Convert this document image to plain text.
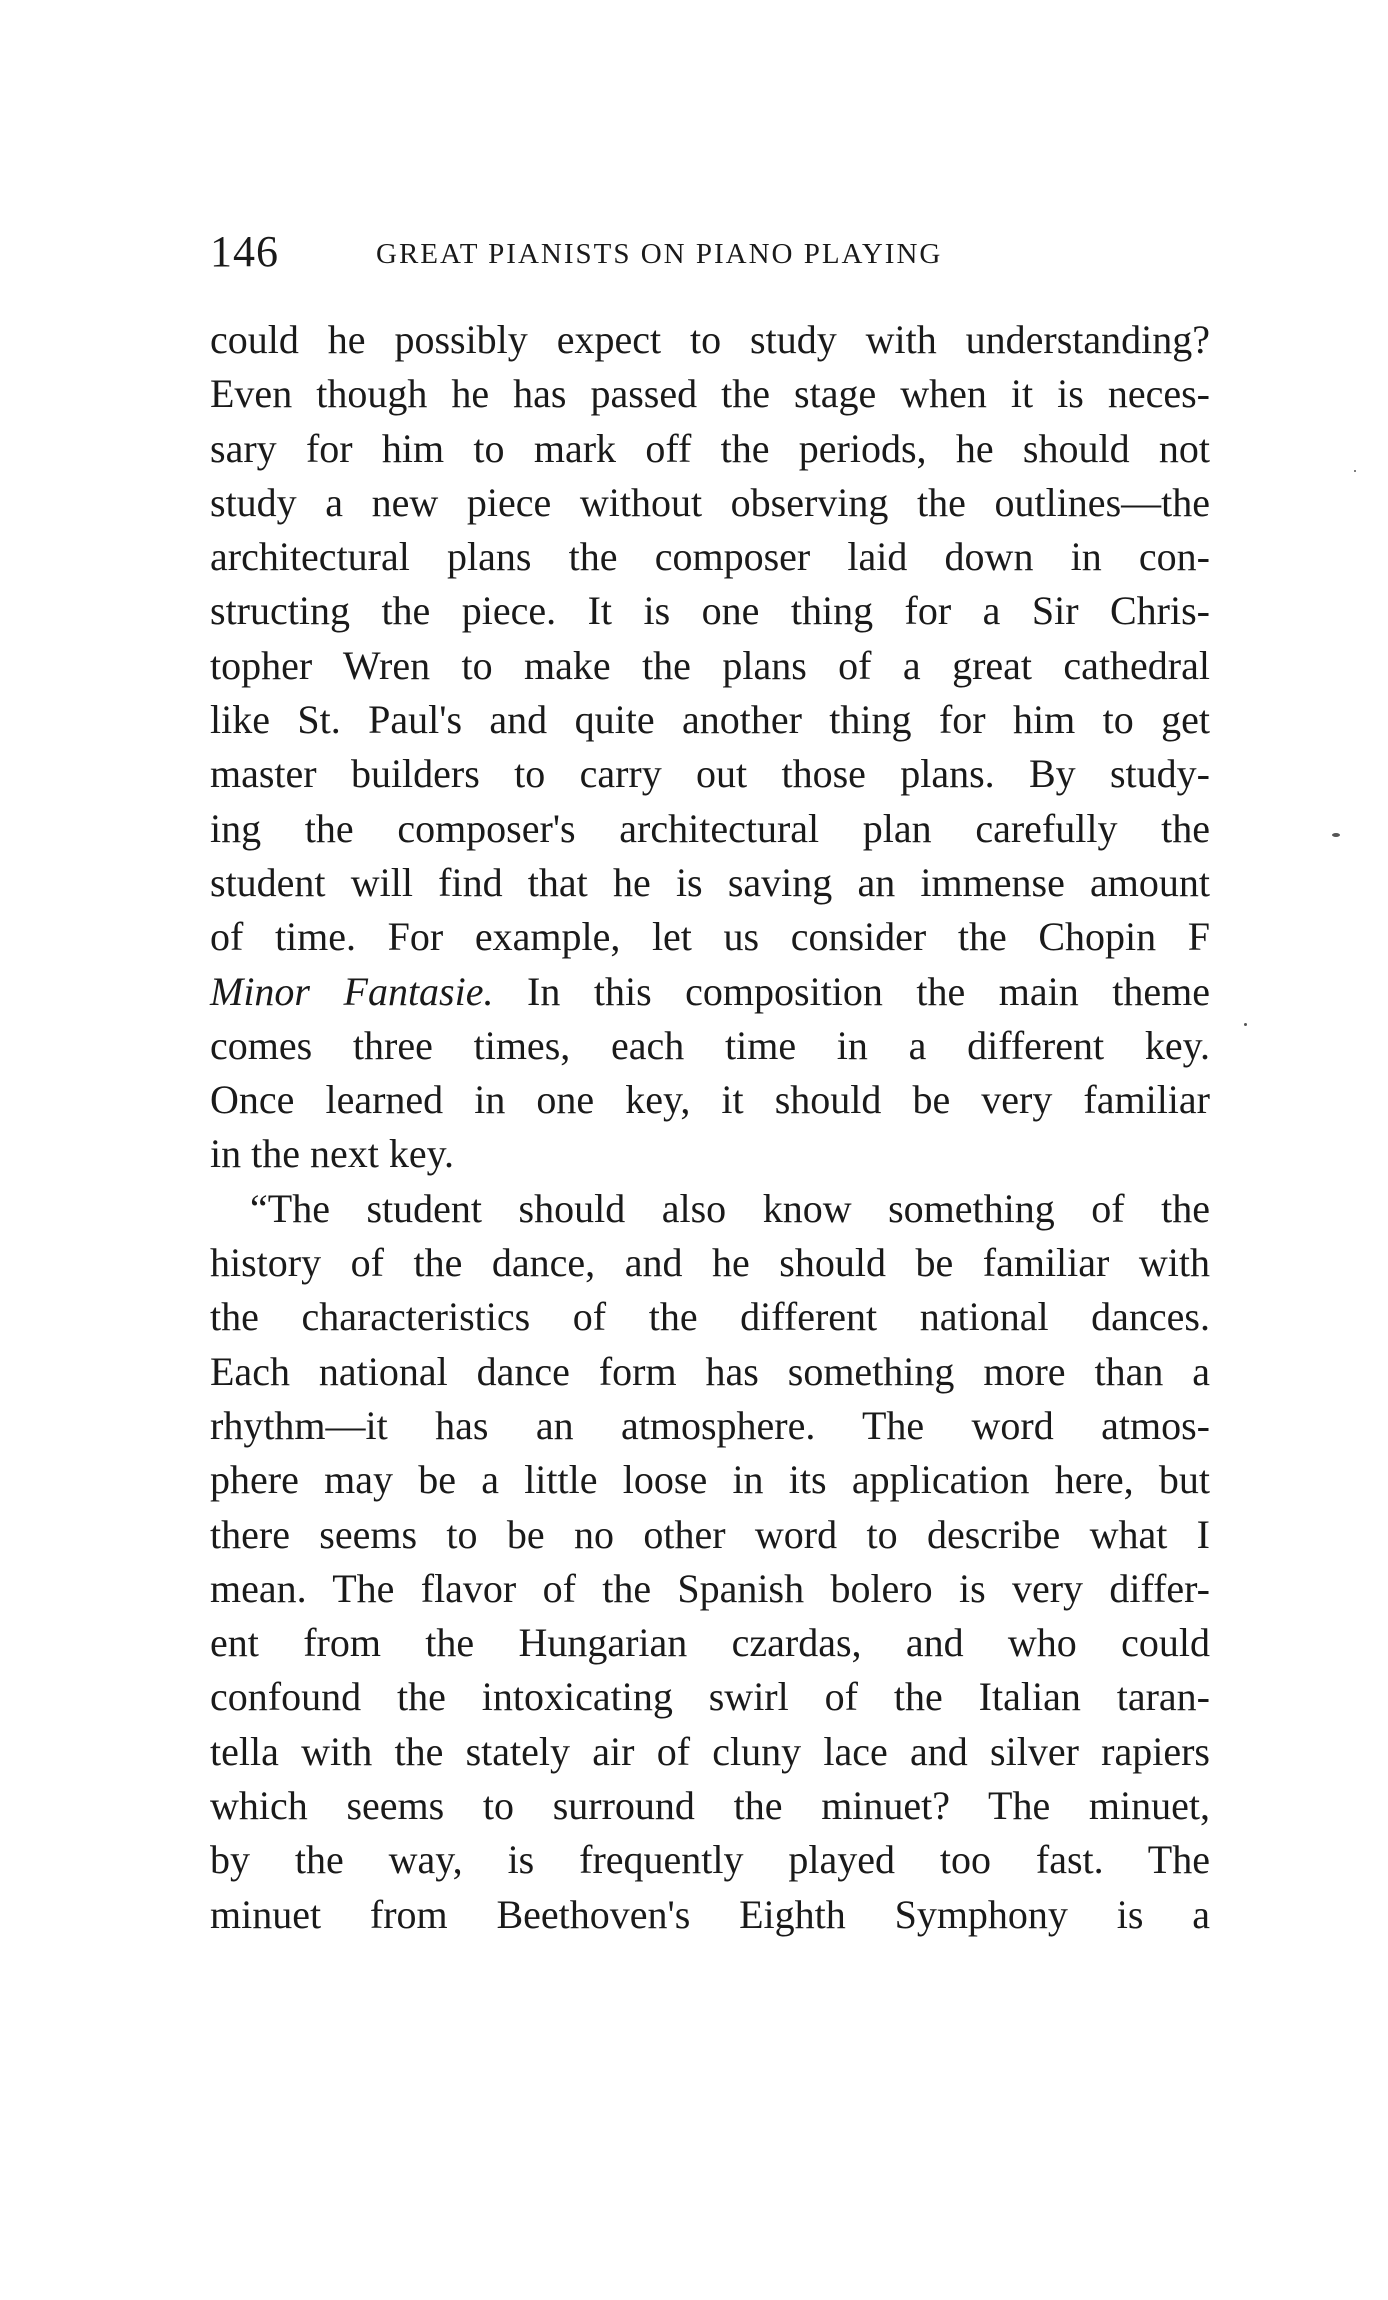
146	GREAT PIANISTS ON PIANO PLAYING
could he possibly expect to study with understanding?
Even though he has passed the stage when it is neces-
sary for him to mark off the periods, he should not
study a new piece without observing the outlines—the
architectural plans the composer laid down in con-
structing the piece. It is one thing for a Sir Chris-
topher Wren to make the plans of a great cathedral
like St. Paul's and quite another thing for him to get
master builders to carry out those plans. By study-
ing the composer's architectural plan carefully the
student will find that he is saving an immense amount
of time. For example, let us consider the Chopin F
Minor Fantasie. In this composition the main theme
comes three times, each time in a different key.
Once learned in one key, it should be very familiar
in the next key.
“The student should also know something of the
history of the dance, and he should be familiar with
the characteristics of the different national dances.
Each national dance form has something more than a
rhythm—it has an atmosphere. The word atmos-
phere may be a little loose in its application here, but
there seems to be no other word to describe what I
mean. The flavor of the Spanish bolero is very differ-
ent from the Hungarian czardas, and who could
confound the intoxicating swirl of the Italian taran-
tella with the stately air of cluny lace and silver rapiers
which seems to surround the minuet? The minuet,
by the way, is frequently played too fast. The
minuet from Beethoven's Eighth Symphony is a
